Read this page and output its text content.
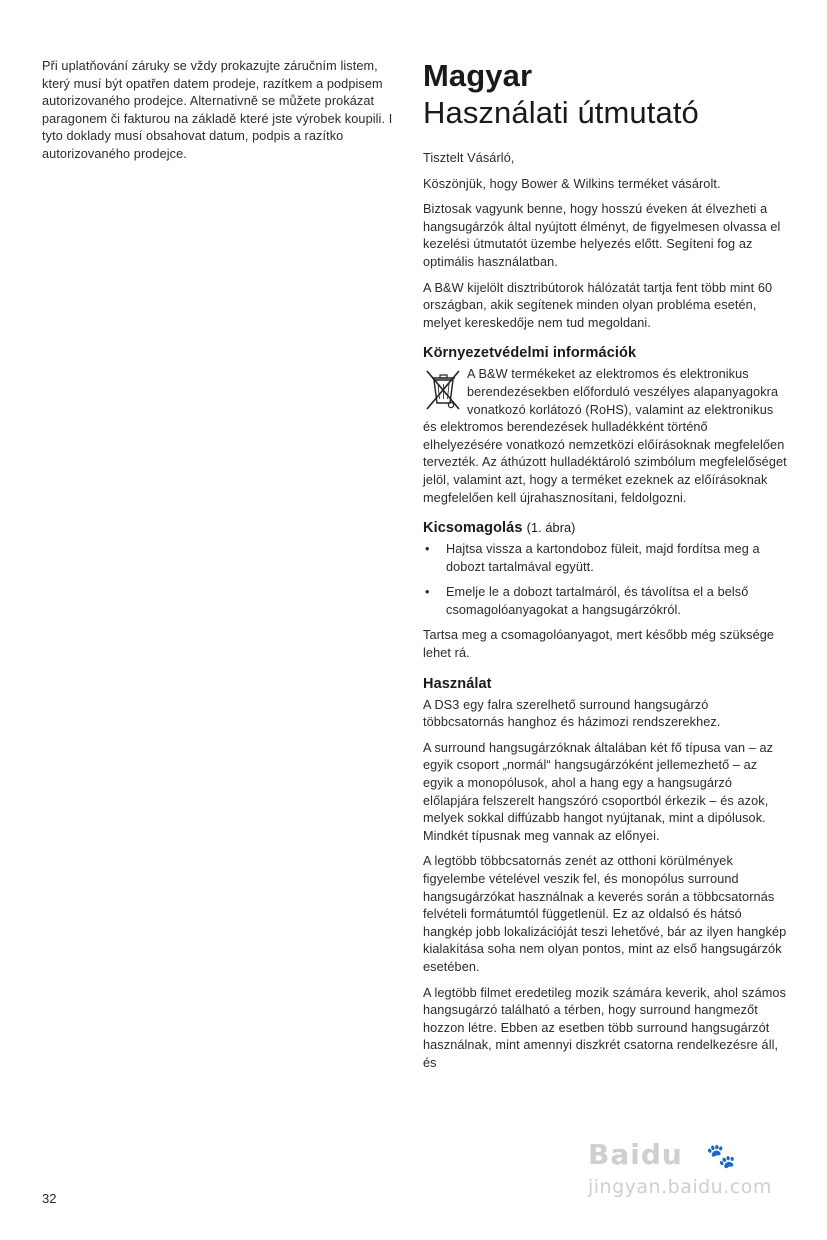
Při uplatňování záruky se vždy prokazujte záručním listem, který musí být opatřen datem prodeje, razítkem a podpisem autorizovaného prodejce. Alternativně se můžete prokázat paragonem či fakturou na základě které jste výrobek koupili. I tyto doklady musí obsahovat datum, podpis a razítko autorizovaného prodejce.

Magyar
Használati útmutató

Tisztelt Vásárló,

Köszönjük, hogy Bower & Wilkins terméket vásárolt.

Biztosak vagyunk benne, hogy hosszú éveken át élvezheti a hangsugárzók által nyújtott élményt, de figyelmesen olvassa el kezelési útmutatót üzembe helyezés előtt. Segíteni fog az optimális használatban.

A B&W kijelölt disztribútorok hálózatát tartja fent több mint 60 országban, akik segítenek minden olyan probléma esetén, melyet kereskedője nem tud megoldani.

Környezetvédelmi információk

A B&W termékeket az elektromos és elektronikus berendezésekben előforduló veszélyes alapanyagokra vonatkozó korlátozó (RoHS), valamint az elektronikus és elektromos berendezések hulladékként történő elhelyezésére vonatkozó nemzetközi előírásoknak megfelelően tervezték. Az áthúzott hulladéktároló szimbólum megfelelőséget jelöl, valamint azt, hogy a terméket ezeknek az előírásoknak megfelelően kell újrahasznosítani, feldolgozni.

Kicsomagolás (1. ábra)
• Hajtsa vissza a kartondoboz füleit, majd fordítsa meg a dobozt tartalmával együtt.
• Emelje le a dobozt tartalmáról, és távolítsa el a belső csomagolóanyagokat a hangsugárzókról.

Tartsa meg a csomagolóanyagot, mert később még szüksége lehet rá.

Használat

A DS3 egy falra szerelhető surround hangsugárzó többcsatornás hanghoz és házimozi rendszerekhez.

A surround hangsugárzóknak általában két fő típusa van – az egyik csoport „normál“ hangsugárzóként jellemezhető – az egyik a monopólusok, ahol a hang egy a hangsugárzó előlapjára felszerelt hangszóró csoportból érkezik – és azok, melyek sokkal diffúzabb hangot nyújtanak, mint a dipólusok. Mindkét típusnak meg vannak az előnyei.

A legtöbb többcsatornás zenét az otthoni körülmények figyelembe vételével veszik fel, és monopólus surround hangsugárzókat használnak a keverés során a többcsatornás felvételi formátumtól függetlenül. Ez az oldalsó és hátsó hangkép jobb lokalizációját teszi lehetővé, bár az ilyen hangkép kialakítása soha nem olyan pontos, mint az első hangsugárzók esetében.

A legtöbb filmet eredetileg mozik számára keverik, ahol számos hangsugárzó található a térben, hogy surround hangmezőt hozzon létre. Ebben az esetben több surround hangsugárzót használnak, mint amennyi diszkrét csatorna rendelkezésre áll, és

32
Baidu 🐾
jingyan.baidu.com
